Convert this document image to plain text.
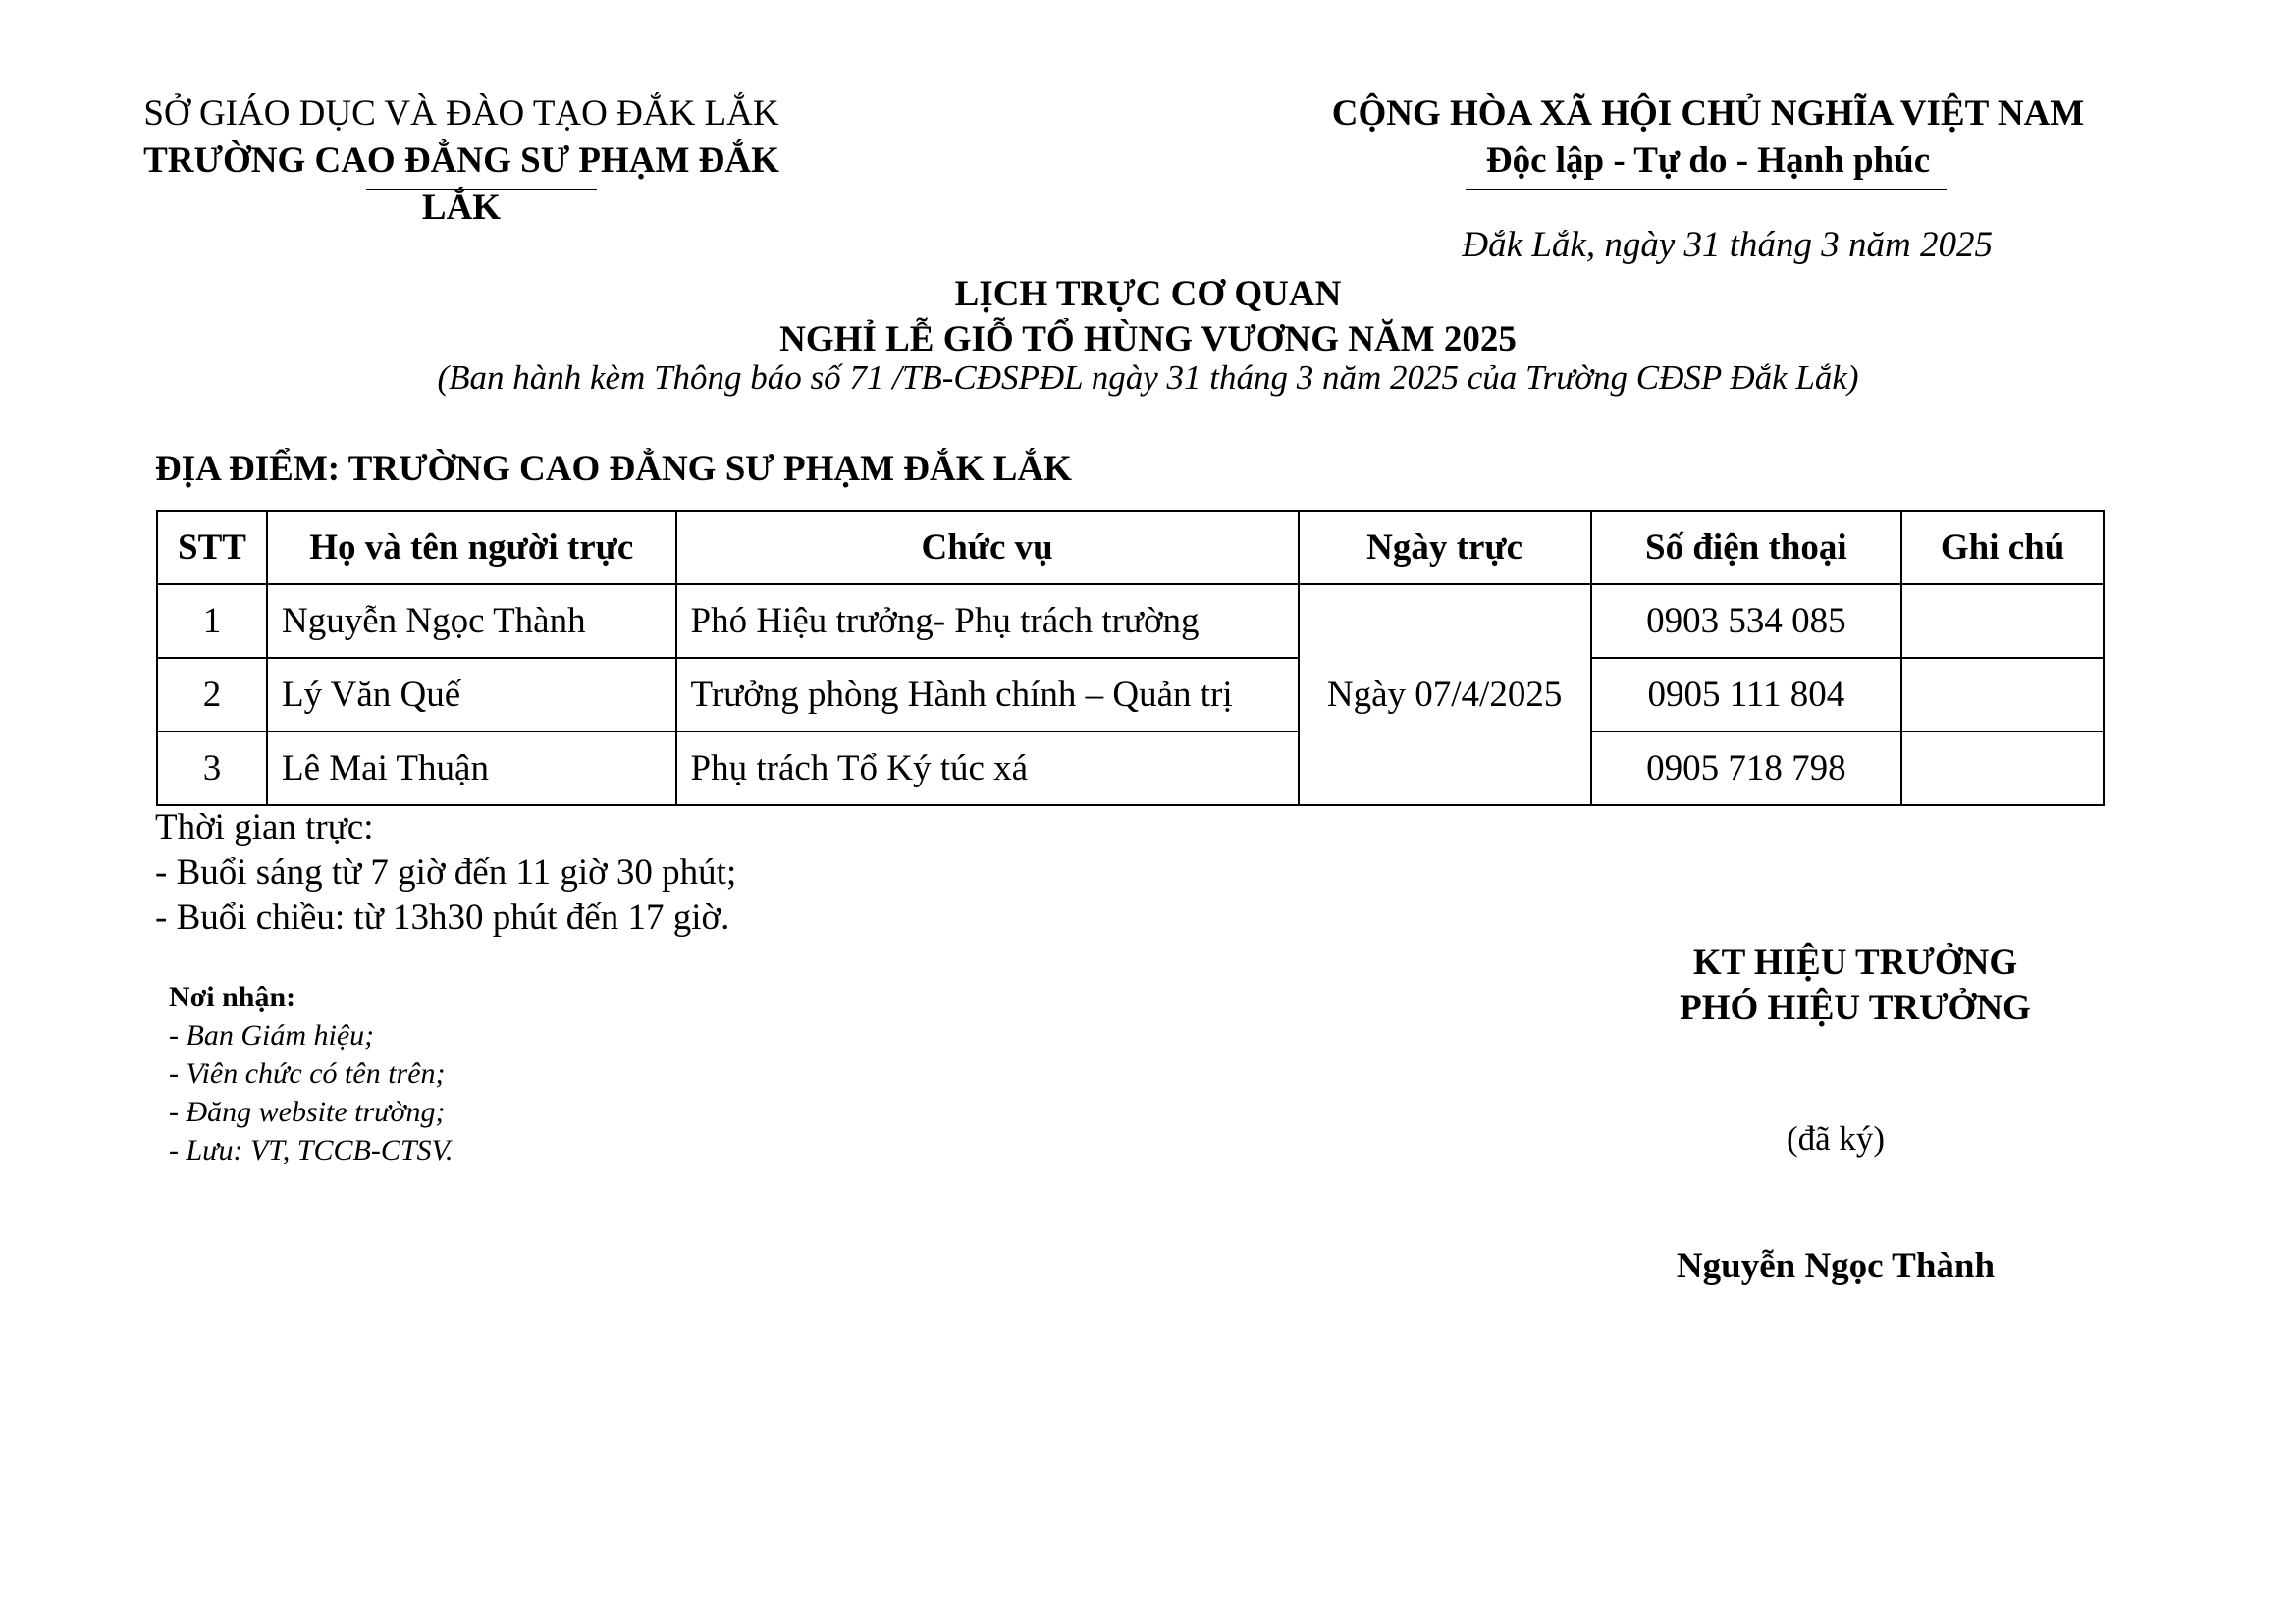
SỞ GIÁO DỤC VÀ ĐÀO TẠO ĐẮK LẮK
TRƯỜNG CAO ĐẲNG SƯ PHẠM ĐẮK LẮK
CỘNG HÒA XÃ HỘI CHỦ NGHĨA VIỆT NAM
Độc lập - Tự do - Hạnh phúc
Đắk Lắk, ngày 31 tháng 3 năm 2025
LỊCH TRỰC CƠ QUAN
NGHỈ LỄ GIỖ TỔ HÙNG VƯƠNG NĂM 2025
(Ban hành kèm Thông báo số 71 /TB-CĐSPĐL ngày 31 tháng 3 năm 2025 của Trường CĐSP Đắk Lắk)
ĐỊA ĐIỂM: TRƯỜNG CAO ĐẲNG SƯ PHẠM ĐẮK LẮK
STT	Họ và tên người trực	Chức vụ	Ngày trực	Số điện thoại	Ghi chú
1	Nguyễn Ngọc Thành	Phó Hiệu trưởng- Phụ trách trường	Ngày 07/4/2025	0903 534 085	
2	Lý Văn Quế	Trưởng phòng Hành chính – Quản trị		0905 111 804	
3	Lê Mai Thuận	Phụ trách Tổ Ký túc xá		0905 718 798	
Thời gian trực:
- Buổi sáng từ 7 giờ đến 11 giờ 30 phút;
- Buổi chiều: từ 13h30 phút đến 17 giờ.
Nơi nhận:
- Ban Giám hiệu;
- Viên chức có tên trên;
- Đăng website trường;
- Lưu: VT, TCCB-CTSV.
KT HIỆU TRƯỞNG
PHÓ HIỆU TRƯỞNG
(đã ký)
Nguyễn Ngọc Thành
